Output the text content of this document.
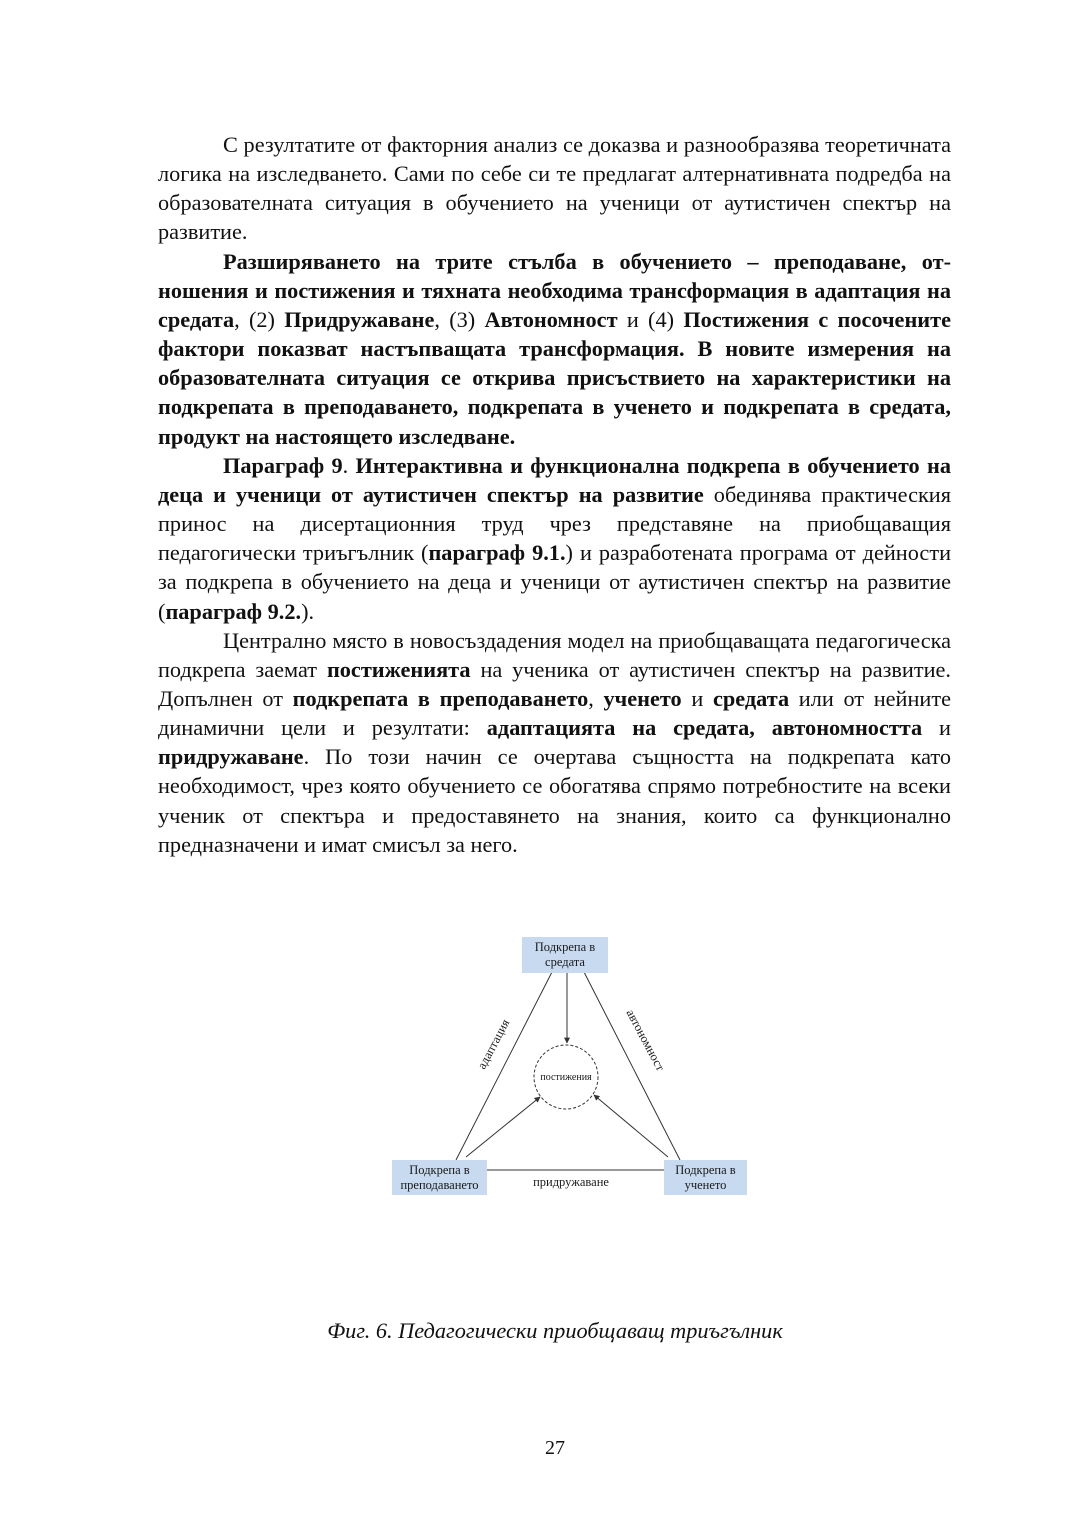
С резултатите от факторния анализ се доказва и разнообразява теоретичната логика на изследването. Сами по себе си те предлагат алтернативната подредба на образователната ситуация в обучението на ученици от аутистичен спектър на развитие.

Разширяването на трите стълба в обучението – преподаване, отношения и постижения и тяхната необходима трансформация в адаптация на средата, (2) Придружаване, (3) Автономност и (4) Постижения с посочените фактори показват настъпващата трансформация. В новите измерения на образователната ситуация се открива присъствието на характеристики на подкрепата в преподаването, подкрепата в ученето и подкрепата в средата, продукт на настоящето изследване.

Параграф 9. Интерактивна и функционална подкрепа в обучението на деца и ученици от аутистичен спектър на развитие обединява практическия принос на дисертационния труд чрез представяне на приобщаващия педагогически триъгълник (параграф 9.1.) и разработената програма от дейности за подкрепа в обучението на деца и ученици от аутистичен спектър на развитие (параграф 9.2.).

Централно място в новосъздадения модел на приобщаващата педагогическа подкрепа заемат постиженията на ученика от аутистичен спектър на развитие. Допълнен от подкрепата в преподаването, ученето и средата или от нейните динамични цели и резултати: адаптацията на средата, автономността и придружаване. По този начин се очертава същността на подкрепата като необходимост, чрез която обучението се обогатява спрямо потребностите на всеки ученик от спектъра и предоставянето на знания, които са функционално предназначени и имат смисъл за него.

адаптация	автономност
придружаване
постижения
Подкрепа в
средата
Подкрепа в
преподаването
Подкрепа в
ученето
Фиг. 6. Педагогически приобщаващ триъгълник
27
